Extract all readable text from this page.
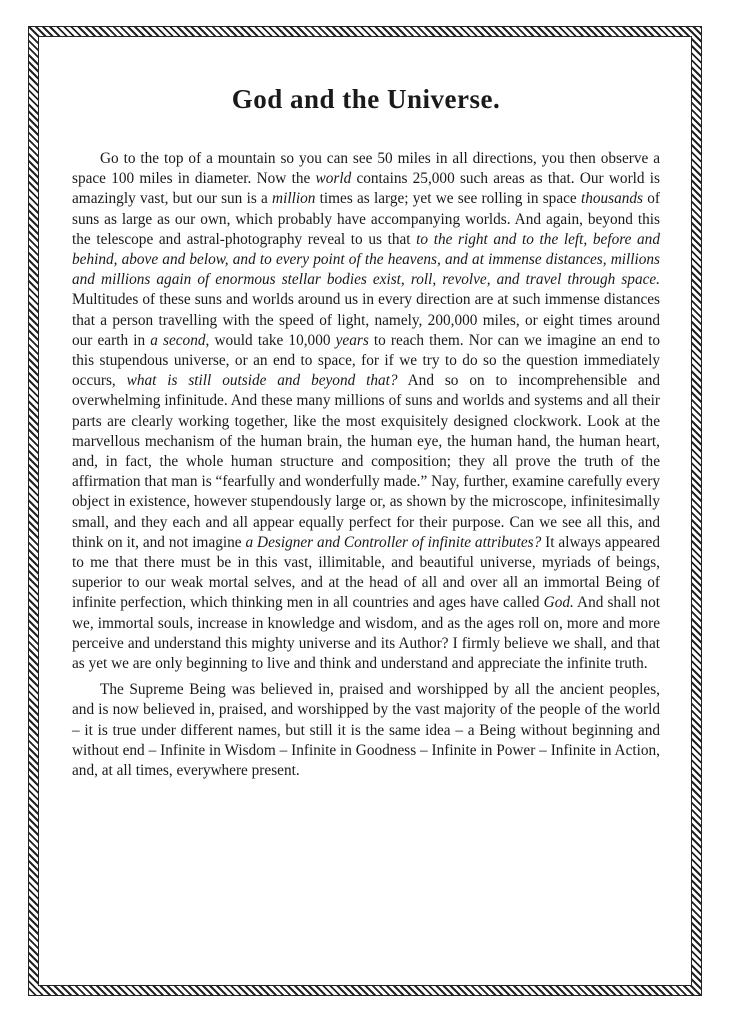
God and the Universe.

Go to the top of a mountain so you can see 50 miles in all directions, you then observe a space 100 miles in diameter. Now the world contains 25,000 such areas as that. Our world is amazingly vast, but our sun is a million times as large; yet we see rolling in space thousands of suns as large as our own, which probably have accompanying worlds. And again, beyond this the telescope and astral-photography reveal to us that to the right and to the left, before and behind, above and below, and to every point of the heavens, and at immense distances, millions and millions again of enormous stellar bodies exist, roll, revolve, and travel through space. Multitudes of these suns and worlds around us in every direction are at such immense distances that a person travelling with the speed of light, namely, 200,000 miles, or eight times around our earth in a second, would take 10,000 years to reach them. Nor can we imagine an end to this stupendous universe, or an end to space, for if we try to do so the question immediately occurs, what is still outside and beyond that? And so on to incomprehensible and overwhelming infinitude. And these many millions of suns and worlds and systems and all their parts are clearly working together, like the most exquisitely designed clockwork. Look at the marvellous mechanism of the human brain, the human eye, the human hand, the human heart, and, in fact, the whole human structure and composition; they all prove the truth of the affirmation that man is “fearfully and wonderfully made.” Nay, further, examine carefully every object in existence, however stupendously large or, as shown by the microscope, infinitesimally small, and they each and all appear equally perfect for their purpose. Can we see all this, and think on it, and not imagine a Designer and Controller of infinite attributes? It always appeared to me that there must be in this vast, illimitable, and beautiful universe, myriads of beings, superior to our weak mortal selves, and at the head of all and over all an immortal Being of infinite perfection, which thinking men in all countries and ages have called God. And shall not we, immortal souls, increase in knowledge and wisdom, and as the ages roll on, more and more perceive and understand this mighty universe and its Author? I firmly believe we shall, and that as yet we are only beginning to live and think and understand and appreciate the infinite truth.

The Supreme Being was believed in, praised and worshipped by all the ancient peoples, and is now believed in, praised, and worshipped by the vast majority of the people of the world – it is true under different names, but still it is the same idea – a Being without beginning and without end – Infinite in Wisdom – Infinite in Goodness – Infinite in Power – Infinite in Action, and, at all times, everywhere present.
